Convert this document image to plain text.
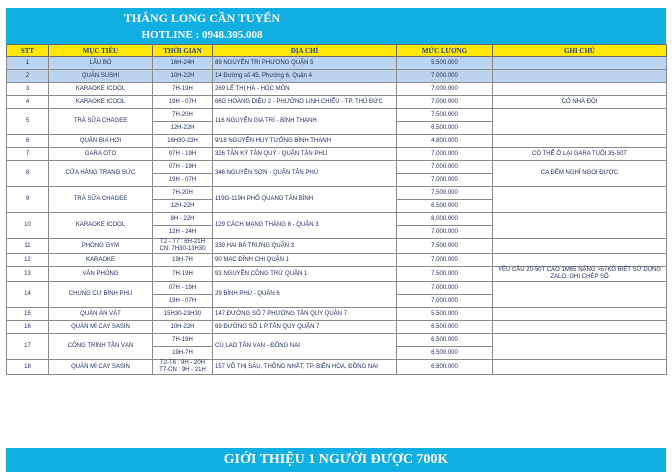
THĂNG LONG CẦN TUYỂN
HOTLINE : 0948.305.008
STT	MỤC TIÊU	THỜI GIAN	ĐỊA CHỈ	MỨC LƯƠNG	GHI CHÚ
1	LẨU BÒ	16H-24H	89 NGUYỄN TRI PHƯƠNG QUẬN 5	5.500.000	
2	QUÁN SUSHI	10H-22H	14 Đường số 45, Phường 6, Quận 4	7.000.000	
3	KARAOKE ICOOL	7H-19H	269 LÊ THỊ HÀ - HÓC MÔN	7.000.000	
4	KARAOKE ICOOL	19H - 07H	66G HOÀNG DIỆU 2 - PHƯỜNG LINH CHIỂU - TP. THỦ ĐỨC	7.000.000	CÓ NHÀ ĐỘI
5	TRÀ SỮA CHAGEE	7H-20H	116 NGUYỄN GIA TRÍ - BÌNH THẠNH	7.500.000	
		12H-22H		6.500.000	
6	QUÁN BIA HƠI	16H30-23H	9/18 NGUYỄN HUY TƯỞNG BÌNH THẠNH	4.800.000	
7	GARA OTO	07H - 19H	326 TÂN KỲ TÂN QUÝ - QUẬN TÂN PHÚ	7.000.000	CÓ THỂ Ở LẠI GARA TUỔI 35-50T
8	CỬA HÀNG TRANG SỨC	07H - 19H	346 NGUYỄN SƠN - QUẬN TÂN PHÚ	7.000.000	CA ĐÊM NGHỈ NGOI ĐƯỢC
		19H - 07H		7.000.000	
9	TRÀ SỮA CHAGEE	7H-20H	119G-119H PHỔ QUANG TÂN BÌNH	7.500.000	
		12H-22H		6.500.000	
10	KARAOKE ICOOL	8H - 22H	129 CÁCH MẠNG THÁNG 8 - QUẬN 3	8.000.000	
		12H - 24H		7.000.000	
11	PHÒNG GYM	T2 - T7 : 6H-21H CN: 7H30-13H30	339 HAI BÀ TRƯNG QUẬN 3	7.500.000	
12	KARAOKE	19H-7H	90 MẠC ĐĨNH CHI QUẬN 1	7.000.000	
13	VĂN PHÒNG	7H-19H	93 NGUYỄN CÔNG TRỨ QUẬN 1	7.500.000	YÊU CẦU 20-50T CAO 1M65 NẶNG >57KG BIẾT SỬ DỤNG ZALO, GHI CHÉP SỔ
14	CHUNG CƯ BÌNH PHÚ	07H - 19H	29 BÌNH PHÚ - QUẬN 6	7.000.000	
		19H - 07H		7.000.000	
15	QUÁN ĂN VẶT	15H30-23H30	147 ĐƯỜNG SỐ 7 PHƯỜNG TÂN QUY QUẬN 7	5.500.000	
16	QUÁN MÌ CAY SASIN	10H-22H	69 ĐƯỜNG SỐ 1 P.TÂN QUY QUẬN 7	6.500.000	
17	CÔNG TRÌNH TÂN VẠN	7H-19H	CÙ LAO TÂN VẠN - ĐỒNG NAI	6.500.000	
		19H-7H		6.500.000	
18	QUÁN MÌ CAY SASIN	T2-T6 : 9H - 20H T7-CN : 9H - 21H	157 VÕ THỊ SÁU, THỐNG NHẤT, TP. BIÊN HÒA, ĐỒNG NAI	6.800.000	
GIỚI THIỆU 1 NGƯỜI ĐƯỢC 700K
